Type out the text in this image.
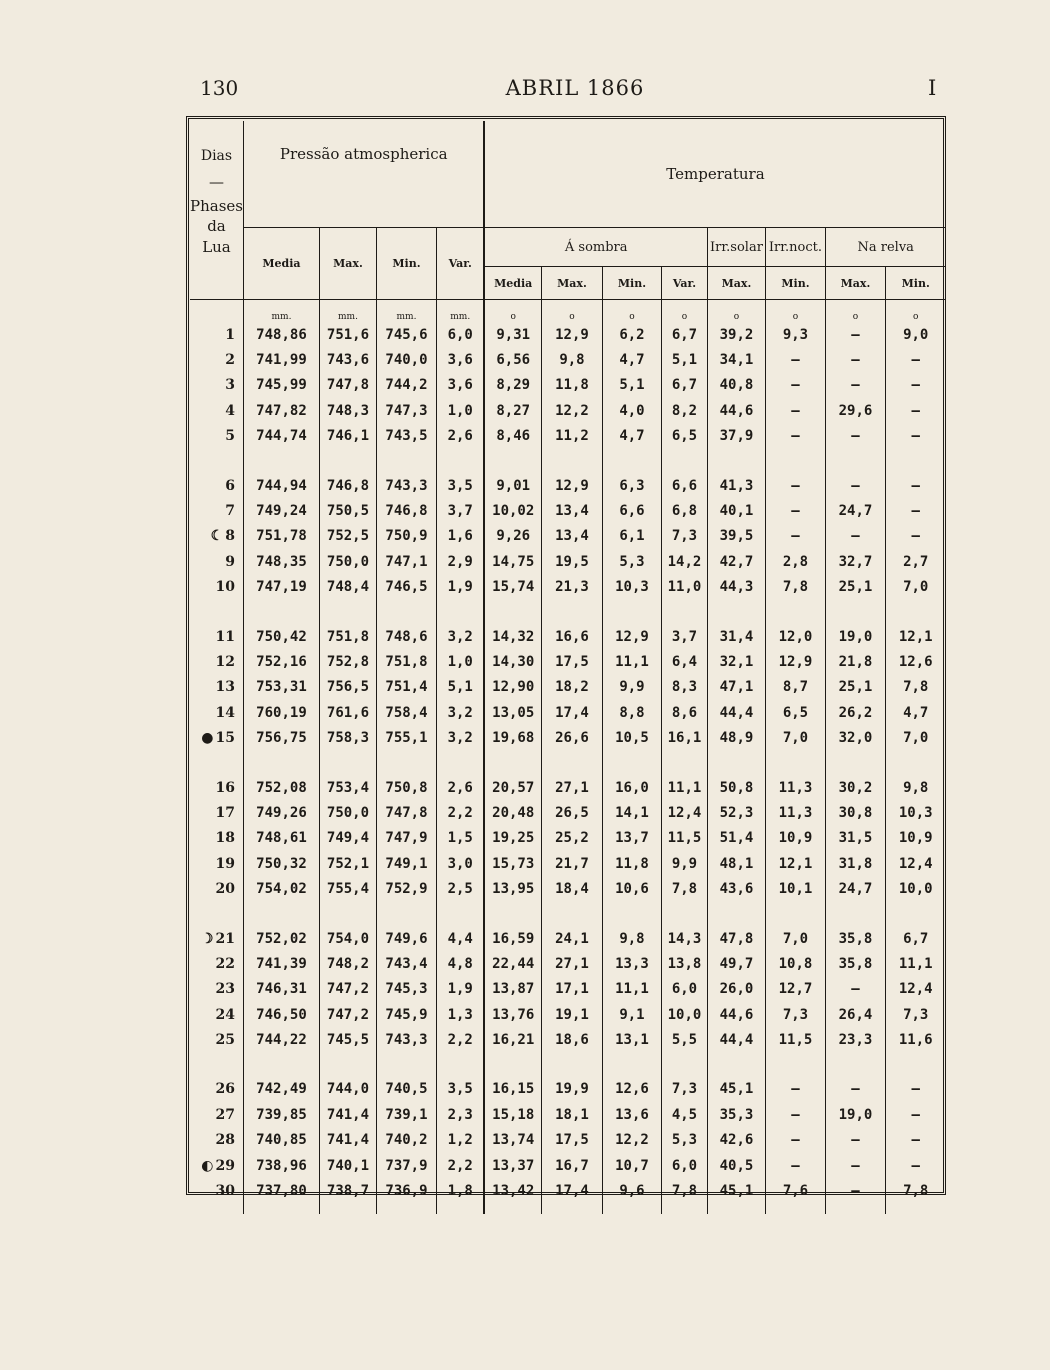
130	ABRIL 1866	I
Dias
—
Phases
da
Lua	Pressão atmospherica				Temperatura							
	Media	Max.	Min.	Var.	Á sombra				Irr.solar	Irr.noct.	Na relva	
					Media	Max.	Min.	Var.	Max.	Min.	Max.	Min.
	mm.	mm.	mm.	mm.	o	o	o	o	o	o	o	o
1	748,86	751,6	745,6	6,0	9,31	12,9	6,2	6,7	39,2	9,3	—	9,0
2	741,99	743,6	740,0	3,6	6,56	9,8	4,7	5,1	34,1	—	—	—
3	745,99	747,8	744,2	3,6	8,29	11,8	5,1	6,7	40,8	—	—	—
4	747,82	748,3	747,3	1,0	8,27	12,2	4,0	8,2	44,6	—	29,6	—
5	744,74	746,1	743,5	2,6	8,46	11,2	4,7	6,5	37,9	—	—	—

6	744,94	746,8	743,3	3,5	9,01	12,9	6,3	6,6	41,3	—	—	—
7	749,24	750,5	746,8	3,7	10,02	13,4	6,6	6,8	40,1	—	24,7	—
☾ 8	751,78	752,5	750,9	1,6	9,26	13,4	6,1	7,3	39,5	—	—	—
9	748,35	750,0	747,1	2,9	14,75	19,5	5,3	14,2	42,7	2,8	32,7	2,7
10	747,19	748,4	746,5	1,9	15,74	21,3	10,3	11,0	44,3	7,8	25,1	7,0

11	750,42	751,8	748,6	3,2	14,32	16,6	12,9	3,7	31,4	12,0	19,0	12,1
12	752,16	752,8	751,8	1,0	14,30	17,5	11,1	6,4	32,1	12,9	21,8	12,6
13	753,31	756,5	751,4	5,1	12,90	18,2	9,9	8,3	47,1	8,7	25,1	7,8
14	760,19	761,6	758,4	3,2	13,05	17,4	8,8	8,6	44,4	6,5	26,2	4,7
● 15	756,75	758,3	755,1	3,2	19,68	26,6	10,5	16,1	48,9	7,0	32,0	7,0

16	752,08	753,4	750,8	2,6	20,57	27,1	16,0	11,1	50,8	11,3	30,2	9,8
17	749,26	750,0	747,8	2,2	20,48	26,5	14,1	12,4	52,3	11,3	30,8	10,3
18	748,61	749,4	747,9	1,5	19,25	25,2	13,7	11,5	51,4	10,9	31,5	10,9
19	750,32	752,1	749,1	3,0	15,73	21,7	11,8	9,9	48,1	12,1	31,8	12,4
20	754,02	755,4	752,9	2,5	13,95	18,4	10,6	7,8	43,6	10,1	24,7	10,0

☽ 21	752,02	754,0	749,6	4,4	16,59	24,1	9,8	14,3	47,8	7,0	35,8	6,7
22	741,39	748,2	743,4	4,8	22,44	27,1	13,3	13,8	49,7	10,8	35,8	11,1
23	746,31	747,2	745,3	1,9	13,87	17,1	11,1	6,0	26,0	12,7	—	12,4
24	746,50	747,2	745,9	1,3	13,76	19,1	9,1	10,0	44,6	7,3	26,4	7,3
25	744,22	745,5	743,3	2,2	16,21	18,6	13,1	5,5	44,4	11,5	23,3	11,6

26	742,49	744,0	740,5	3,5	16,15	19,9	12,6	7,3	45,1	—	—	—
27	739,85	741,4	739,1	2,3	15,18	18,1	13,6	4,5	35,3	—	19,0	—
28	740,85	741,4	740,2	1,2	13,74	17,5	12,2	5,3	42,6	—	—	—
◐ 29	738,96	740,1	737,9	2,2	13,37	16,7	10,7	6,0	40,5	—	—	—
30	737,80	738,7	736,9	1,8	13,42	17,4	9,6	7,8	45,1	7,6	—	7,8
